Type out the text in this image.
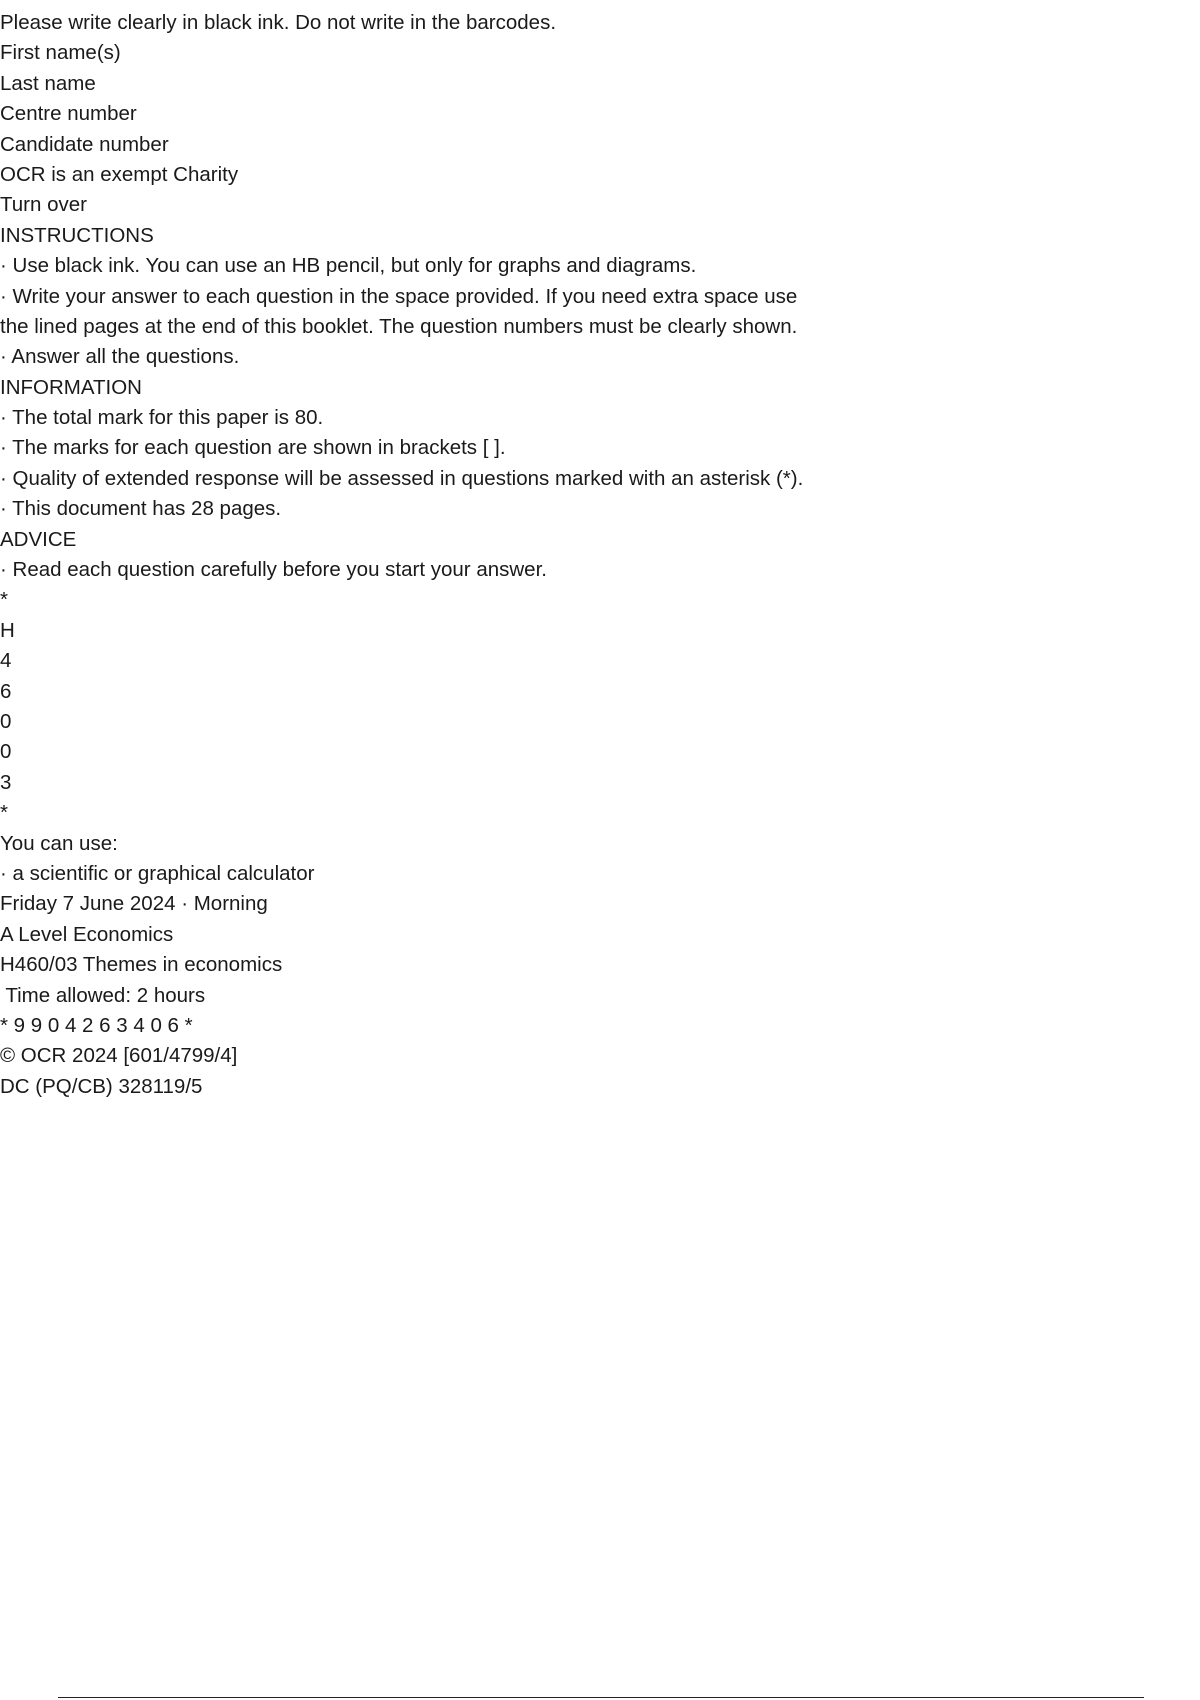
Please write clearly in black ink. Do not write in the barcodes.
First name(s)
Last name
Centre number
Candidate number
OCR is an exempt Charity
Turn over
INSTRUCTIONS
· Use black ink. You can use an HB pencil, but only for graphs and diagrams.
· Write your answer to each question in the space provided. If you need extra space use
the lined pages at the end of this booklet. The question numbers must be clearly shown.
· Answer all the questions.
INFORMATION
· The total mark for this paper is 80.
· The marks for each question are shown in brackets [ ].
· Quality of extended response will be assessed in questions marked with an asterisk (*).
· This document has 28 pages.
ADVICE
· Read each question carefully before you start your answer.
*
H
4
6
0
0
3
*
You can use:
· a scientific or graphical calculator
Friday 7 June 2024 · Morning
A Level Economics
H460/03 Themes in economics
Time allowed: 2 hours
* 9 9 0 4 2 6 3 4 0 6 *
© OCR 2024 [601/4799/4]
DC (PQ/CB) 328119/5
